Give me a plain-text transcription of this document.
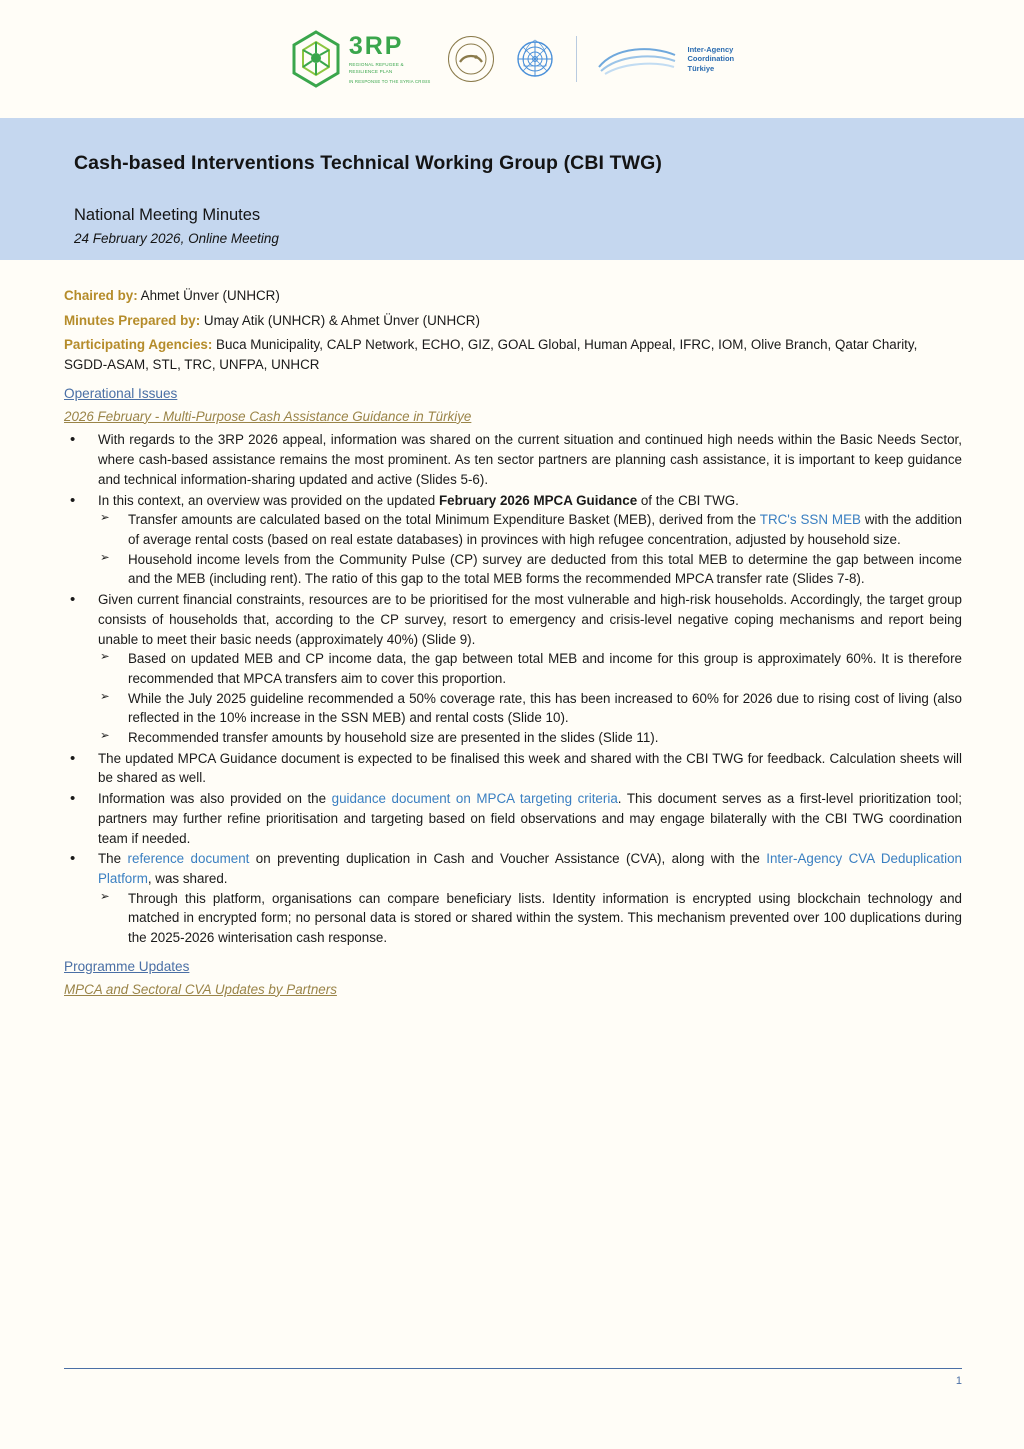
3RP
REGIONAL REFUGEE & RESILIENCE PLAN
IN RESPONSE TO THE SYRIA CRISIS
Inter-Agency
Coordination
Türkiye
Cash-based Interventions Technical Working Group (CBI TWG)
National Meeting Minutes
24 February 2026, Online Meeting
Chaired by: Ahmet Ünver (UNHCR)
Minutes Prepared by: Umay Atik (UNHCR) & Ahmet Ünver (UNHCR)
Participating Agencies: Buca Municipality, CALP Network, ECHO, GIZ, GOAL Global, Human Appeal, IFRC, IOM, Olive Branch, Qatar Charity, SGDD-ASAM, STL, TRC, UNFPA, UNHCR
Operational Issues
2026 February - Multi-Purpose Cash Assistance Guidance in Türkiye
• With regards to the 3RP 2026 appeal, information was shared on the current situation and continued high needs within the Basic Needs Sector, where cash-based assistance remains the most prominent. As ten sector partners are planning cash assistance, it is important to keep guidance and technical information-sharing updated and active (Slides 5-6).
• In this context, an overview was provided on the updated February 2026 MPCA Guidance of the CBI TWG.
➢ Transfer amounts are calculated based on the total Minimum Expenditure Basket (MEB), derived from the TRC's SSN MEB with the addition of average rental costs (based on real estate databases) in provinces with high refugee concentration, adjusted by household size.
➢ Household income levels from the Community Pulse (CP) survey are deducted from this total MEB to determine the gap between income and the MEB (including rent). The ratio of this gap to the total MEB forms the recommended MPCA transfer rate (Slides 7-8).
• Given current financial constraints, resources are to be prioritised for the most vulnerable and high-risk households. Accordingly, the target group consists of households that, according to the CP survey, resort to emergency and crisis-level negative coping mechanisms and report being unable to meet their basic needs (approximately 40%) (Slide 9).
➢ Based on updated MEB and CP income data, the gap between total MEB and income for this group is approximately 60%. It is therefore recommended that MPCA transfers aim to cover this proportion.
➢ While the July 2025 guideline recommended a 50% coverage rate, this has been increased to 60% for 2026 due to rising cost of living (also reflected in the 10% increase in the SSN MEB) and rental costs (Slide 10).
➢ Recommended transfer amounts by household size are presented in the slides (Slide 11).
• The updated MPCA Guidance document is expected to be finalised this week and shared with the CBI TWG for feedback. Calculation sheets will be shared as well.
• Information was also provided on the guidance document on MPCA targeting criteria. This document serves as a first-level prioritization tool; partners may further refine prioritisation and targeting based on field observations and may engage bilaterally with the CBI TWG coordination team if needed.
• The reference document on preventing duplication in Cash and Voucher Assistance (CVA), along with the Inter-Agency CVA Deduplication Platform, was shared.
➢ Through this platform, organisations can compare beneficiary lists. Identity information is encrypted using blockchain technology and matched in encrypted form; no personal data is stored or shared within the system. This mechanism prevented over 100 duplications during the 2025-2026 winterisation cash response.
Programme Updates
MPCA and Sectoral CVA Updates by Partners
1
